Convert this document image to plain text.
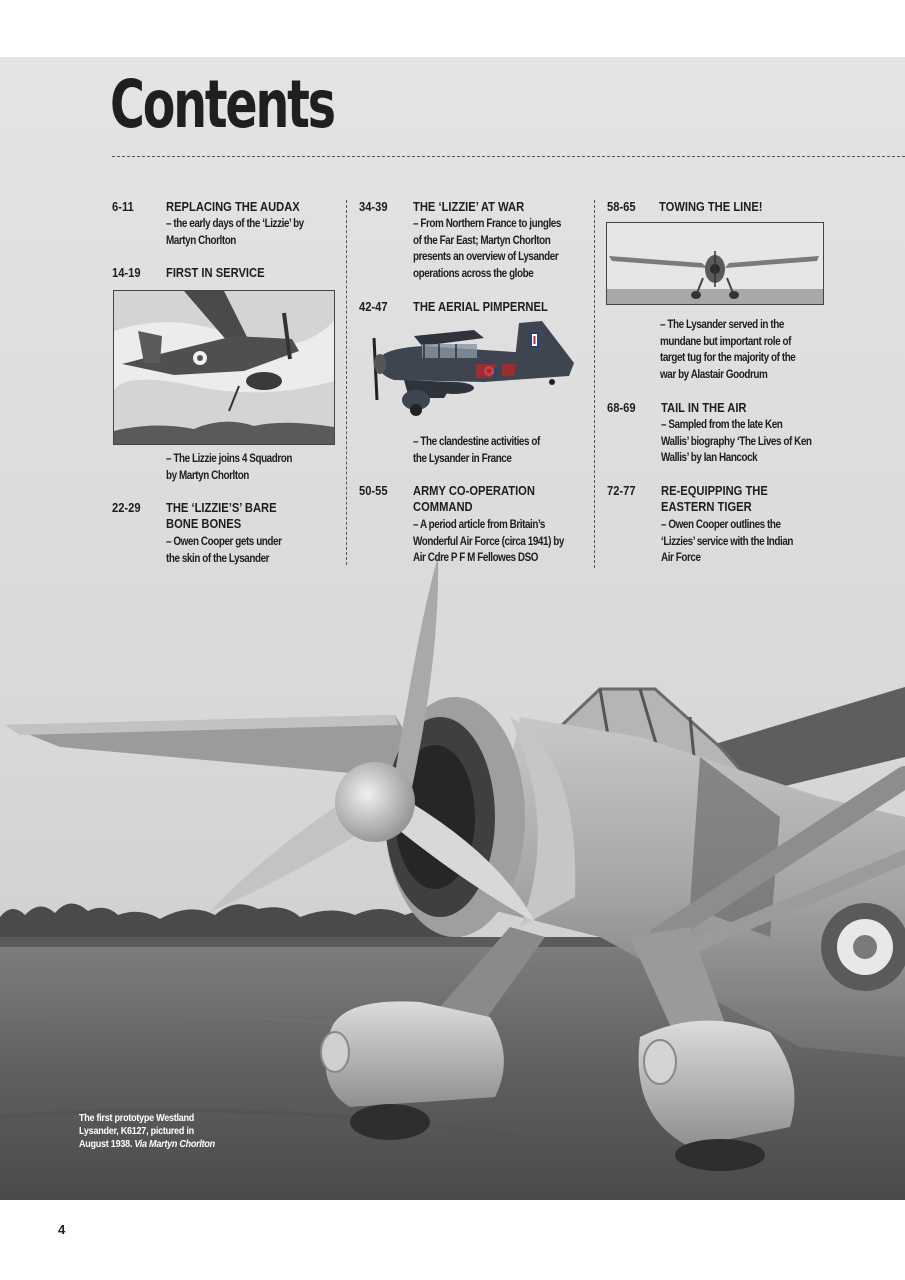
Contents
6-11 REPLACING THE AUDAX
– the early days of the ‘Lizzie’ by
Martyn Chorlton
14-19 FIRST IN SERVICE
– The Lizzie joins 4 Squadron
by Martyn Chorlton
22-29 THE ‘LIZZIE’S’ BARE
BONE BONES
– Owen Cooper gets under
the skin of the Lysander
34-39 THE ‘LIZZIE’ AT WAR
– From Northern France to jungles
of the Far East; Martyn Chorlton
presents an overview of Lysander
operations across the globe
42-47 THE AERIAL PIMPERNEL
– The clandestine activities of
the Lysander in France
50-55 ARMY CO-OPERATION
COMMAND
– A period article from Britain’s
Wonderful Air Force (circa 1941) by
Air Cdre P F M Fellowes DSO
58-65 TOWING THE LINE!
– The Lysander served in the
mundane but important role of
target tug for the majority of the
war by Alastair Goodrum
68-69 TAIL IN THE AIR
– Sampled from the late Ken
Wallis’ biography ‘The Lives of Ken
Wallis’ by Ian Hancock
72-77 RE-EQUIPPING THE
EASTERN TIGER
– Owen Cooper outlines the
‘Lizzies’ service with the Indian
Air Force
The first prototype Westland
Lysander, K6127, pictured in
August 1938. Via Martyn Chorlton
4
